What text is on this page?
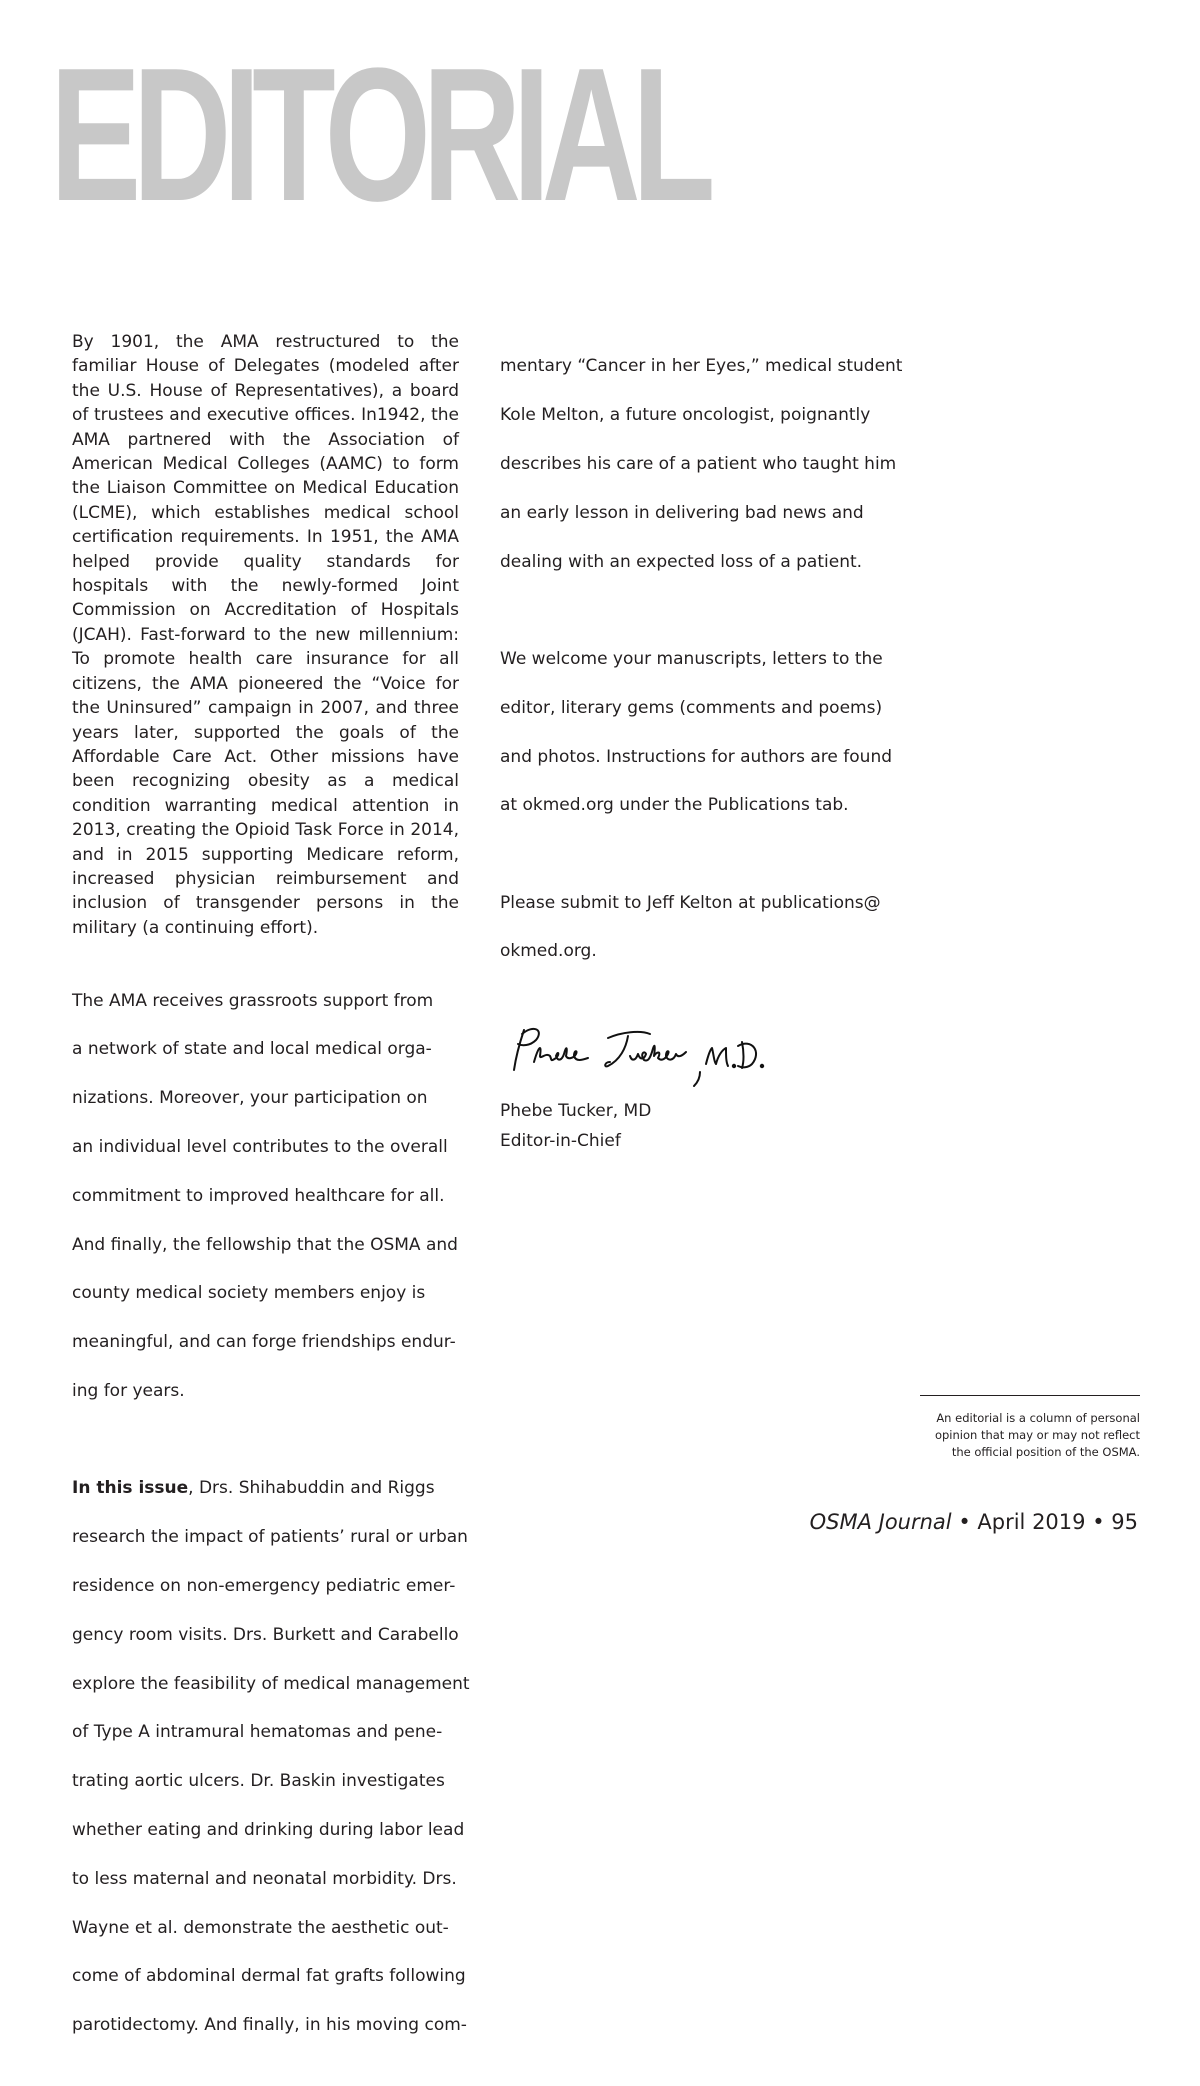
EDITORIAL

By 1901, the AMA restructured to the familiar House of Delegates (modeled after the U.S. House of Representatives), a board of trustees and executive offices. In1942, the AMA partnered with the Association of American Medical Colleges (AAMC) to form the Liaison Committee on Medical Education (LCME), which establishes medical school certification requirements. In 1951, the AMA helped provide quality standards for hospitals with the newly-formed Joint Commission on Accreditation of Hospitals (JCAH). Fast-forward to the new millennium: To promote health care insurance for all citizens, the AMA pioneered the “Voice for the Uninsured” campaign in 2007, and three years later, supported the goals of the Affordable Care Act. Other missions have been recognizing obesity as a medical condition warranting medical attention in 2013, creating the Opioid Task Force in 2014, and in 2015 supporting Medicare reform, increased physician reimbursement and inclusion of transgender persons in the military (a continuing effort).

The AMA receives grassroots support from

a network of state and local medical orga-

nizations. Moreover, your participation on

an individual level contributes to the overall

commitment to improved healthcare for all.

And finally, the fellowship that the OSMA and

county medical society members enjoy is

meaningful, and can forge friendships endur-

ing for years.

In this issue, Drs. Shihabuddin and Riggs

research the impact of patients’ rural or urban

residence on non-emergency pediatric emer-

gency room visits. Drs. Burkett and Carabello

explore the feasibility of medical management

of Type A intramural hematomas and pene-

trating aortic ulcers. Dr. Baskin investigates

whether eating and drinking during labor lead

to less maternal and neonatal morbidity. Drs.

Wayne et al. demonstrate the aesthetic out-

come of abdominal dermal fat grafts following

parotidectomy. And finally, in his moving com-

mentary “Cancer in her Eyes,” medical student

Kole Melton, a future oncologist, poignantly

describes his care of a patient who taught him

an early lesson in delivering bad news and

dealing with an expected loss of a patient.

We welcome your manuscripts, letters to the

editor, literary gems (comments and poems)

and photos. Instructions for authors are found

at okmed.org under the Publications tab.

Please submit to Jeff Kelton at publications@

okmed.org.

Phebe Tucker, MD
Editor-in-Chief
An editorial is a column of personal
opinion that may or may not reflect
the official position of the OSMA.
OSMA Journal • April 2019 • 95
